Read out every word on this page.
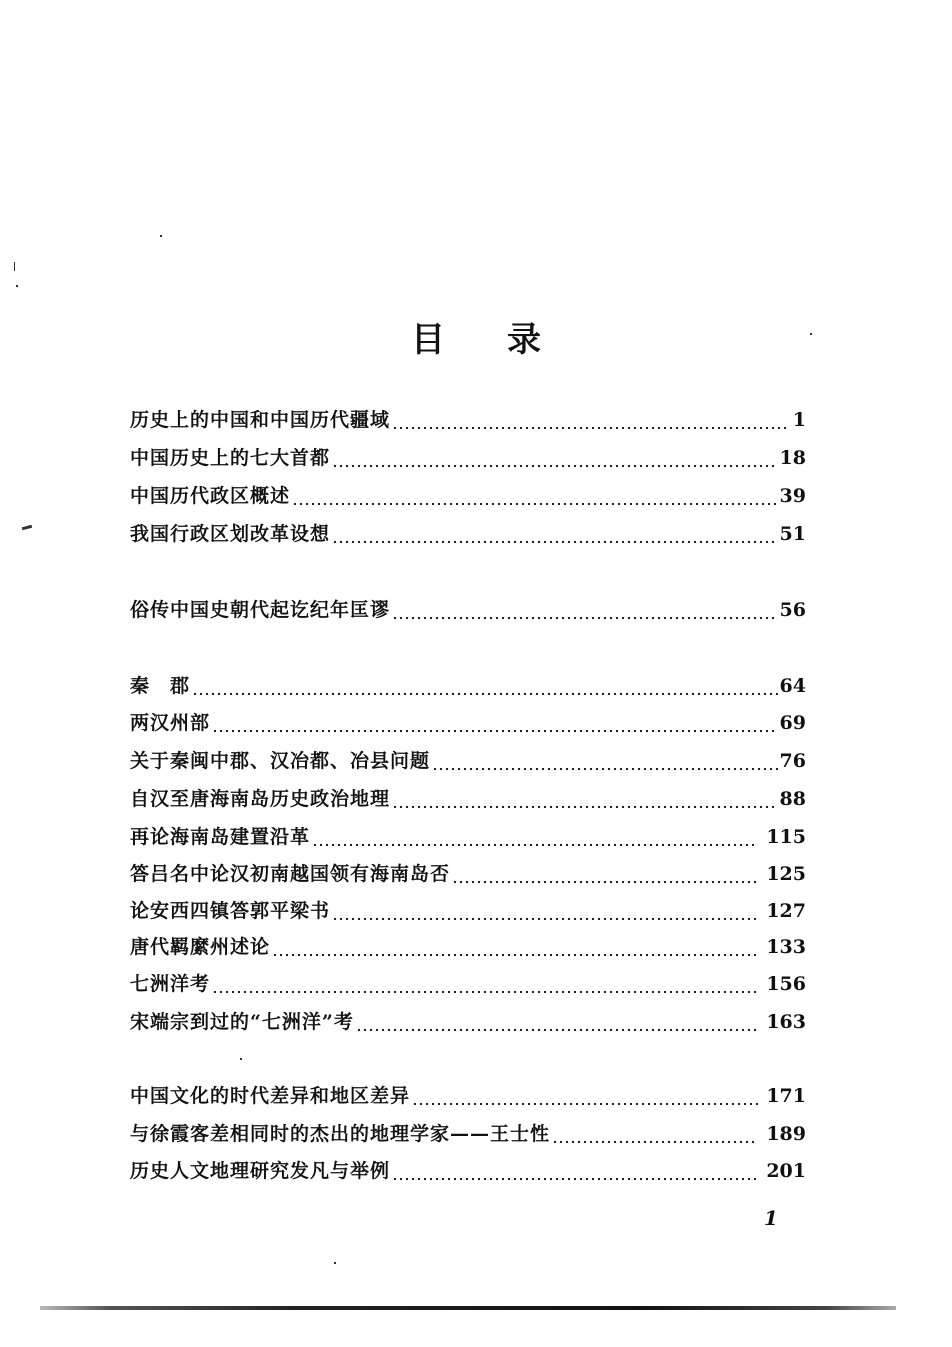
目 录
历史上的中国和中国历代疆域	1
中国历史上的七大首都	18
中国历代政区概述	39
我国行政区划改革设想	51
俗传中国史朝代起讫纪年匡谬	56
秦　郡	64
两汉州部	69
关于秦闽中郡、汉冶都、冶县问题	76
自汉至唐海南岛历史政治地理	88
再论海南岛建置沿革	115
答吕名中论汉初南越国领有海南岛否	125
论安西四镇答郭平梁书	127
唐代羁縻州述论	133
七洲洋考	156
宋端宗到过的“七洲洋”考	163
中国文化的时代差异和地区差异	171
与徐霞客差相同时的杰出的地理学家——王士性	189
历史人文地理研究发凡与举例	201
1
